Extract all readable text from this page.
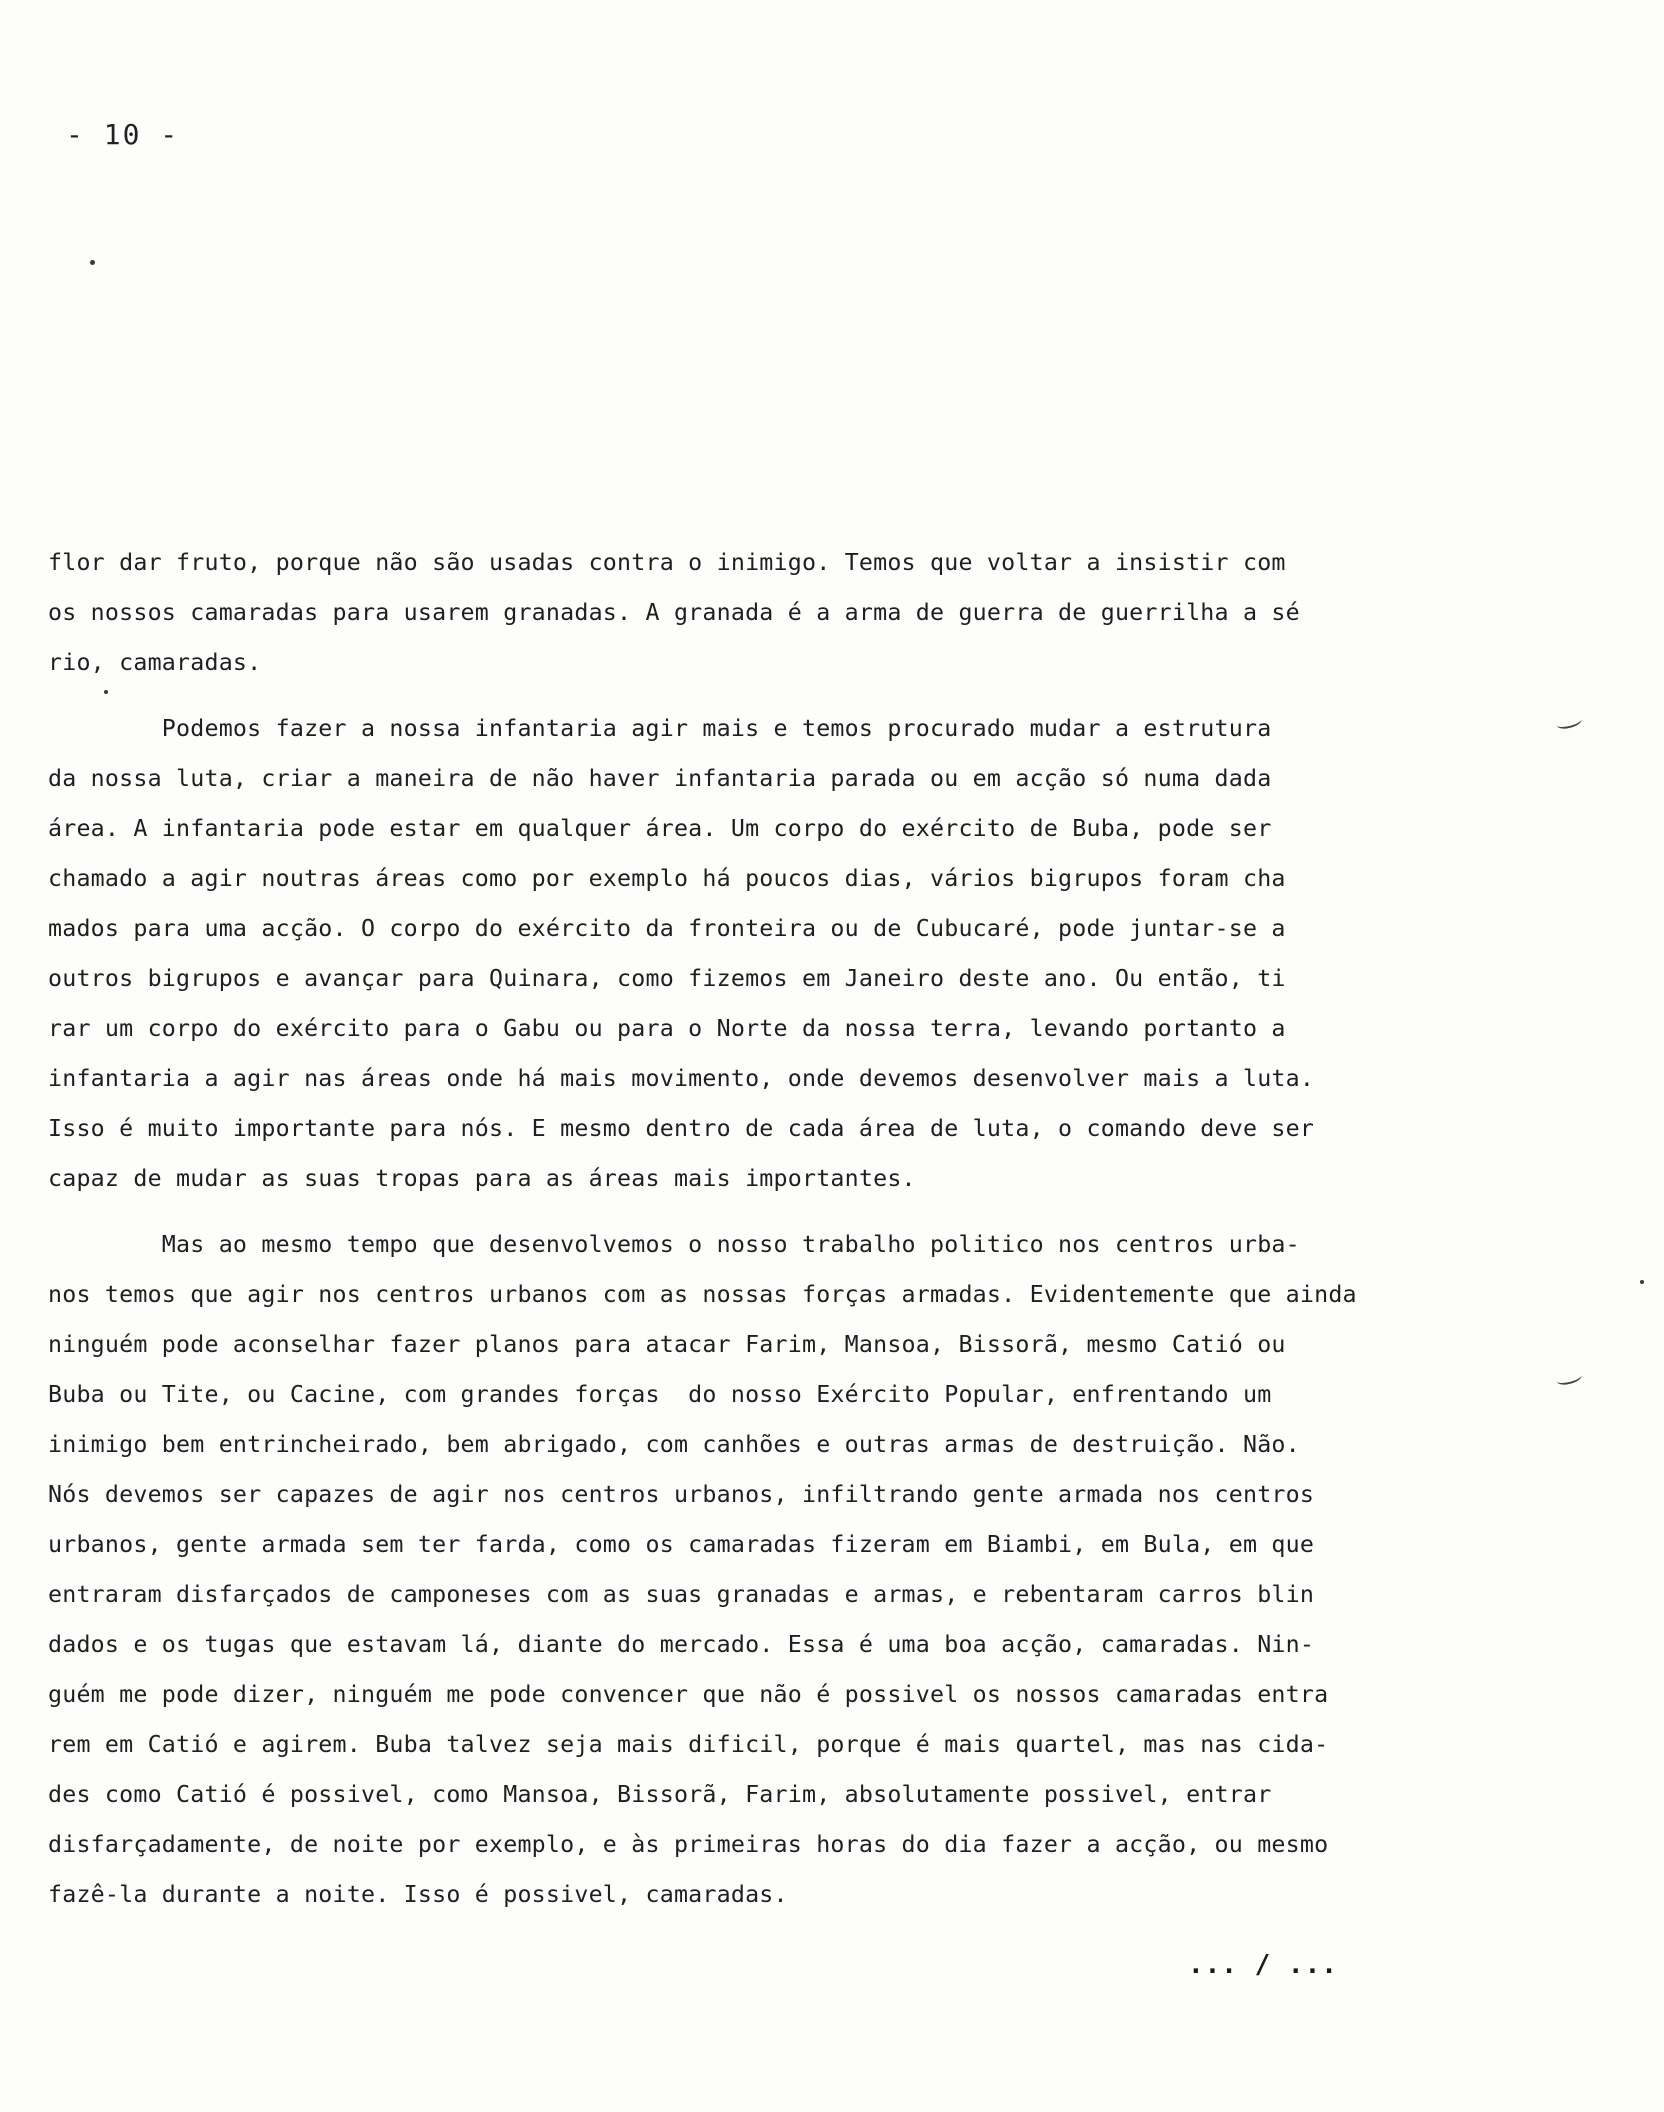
- 10 -
flor dar fruto, porque não são usadas contra o inimigo. Temos que voltar a insistir com
os nossos camaradas para usarem granadas. A granada é a arma de guerra de guerrilha a sé
rio, camaradas.
Podemos fazer a nossa infantaria agir mais e temos procurado mudar a estrutura
da nossa luta, criar a maneira de não haver infantaria parada ou em acção só numa dada
área. A infantaria pode estar em qualquer área. Um corpo do exército de Buba, pode ser
chamado a agir noutras áreas como por exemplo há poucos dias, vários bigrupos foram cha
mados para uma acção. O corpo do exército da fronteira ou de Cubucaré, pode juntar-se a
outros bigrupos e avançar para Quinara, como fizemos em Janeiro deste ano. Ou então, ti
rar um corpo do exército para o Gabu ou para o Norte da nossa terra, levando portanto a
infantaria a agir nas áreas onde há mais movimento, onde devemos desenvolver mais a luta.
Isso é muito importante para nós. E mesmo dentro de cada área de luta, o comando deve ser
capaz de mudar as suas tropas para as áreas mais importantes.
Mas ao mesmo tempo que desenvolvemos o nosso trabalho politico nos centros urba-
nos temos que agir nos centros urbanos com as nossas forças armadas. Evidentemente que ainda
ninguém pode aconselhar fazer planos para atacar Farim, Mansoa, Bissorã, mesmo Catió ou
Buba ou Tite, ou Cacine, com grandes forças  do nosso Exército Popular, enfrentando um
inimigo bem entrincheirado, bem abrigado, com canhões e outras armas de destruição. Não.
Nós devemos ser capazes de agir nos centros urbanos, infiltrando gente armada nos centros
urbanos, gente armada sem ter farda, como os camaradas fizeram em Biambi, em Bula, em que
entraram disfarçados de camponeses com as suas granadas e armas, e rebentaram carros blin
dados e os tugas que estavam lá, diante do mercado. Essa é uma boa acção, camaradas. Nin-
guém me pode dizer, ninguém me pode convencer que não é possivel os nossos camaradas entra
rem em Catió e agirem. Buba talvez seja mais dificil, porque é mais quartel, mas nas cida-
des como Catió é possivel, como Mansoa, Bissorã, Farim, absolutamente possivel, entrar
disfarçadamente, de noite por exemplo, e às primeiras horas do dia fazer a acção, ou mesmo
fazê-la durante a noite. Isso é possivel, camaradas.
... / ...
